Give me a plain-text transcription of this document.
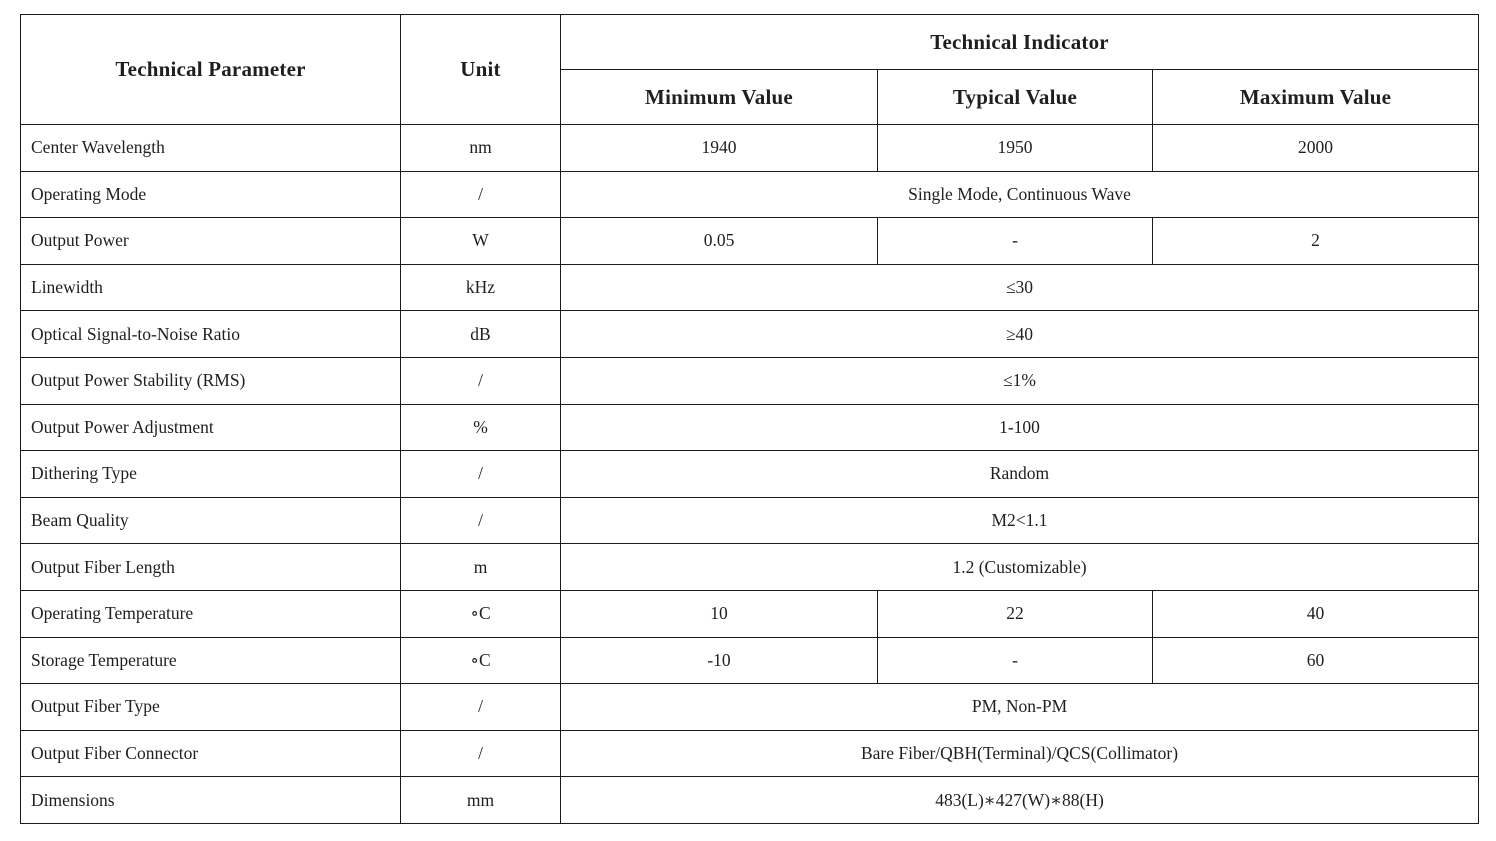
Technical Parameter	Unit	Technical Indicator		
		Minimum Value	Typical Value	Maximum Value
Center Wavelength	nm	1940	1950	2000
Operating Mode	/	Single Mode, Continuous Wave		
Output Power	W	0.05	-	2
Linewidth	kHz	≤30		
Optical Signal-to-Noise Ratio	dB	≥40		
Output Power Stability (RMS)	/	≤1%		
Output Power Adjustment	%	1-100		
Dithering Type	/	Random		
Beam Quality	/	M2<1.1		
Output Fiber Length	m	1.2 (Customizable)		
Operating Temperature	∘C	10	22	40
Storage Temperature	∘C	-10	-	60
Output Fiber Type	/	PM, Non-PM		
Output Fiber Connector	/	Bare Fiber/QBH(Terminal)/QCS(Collimator)		
Dimensions	mm	483(L)∗427(W)∗88(H)		
